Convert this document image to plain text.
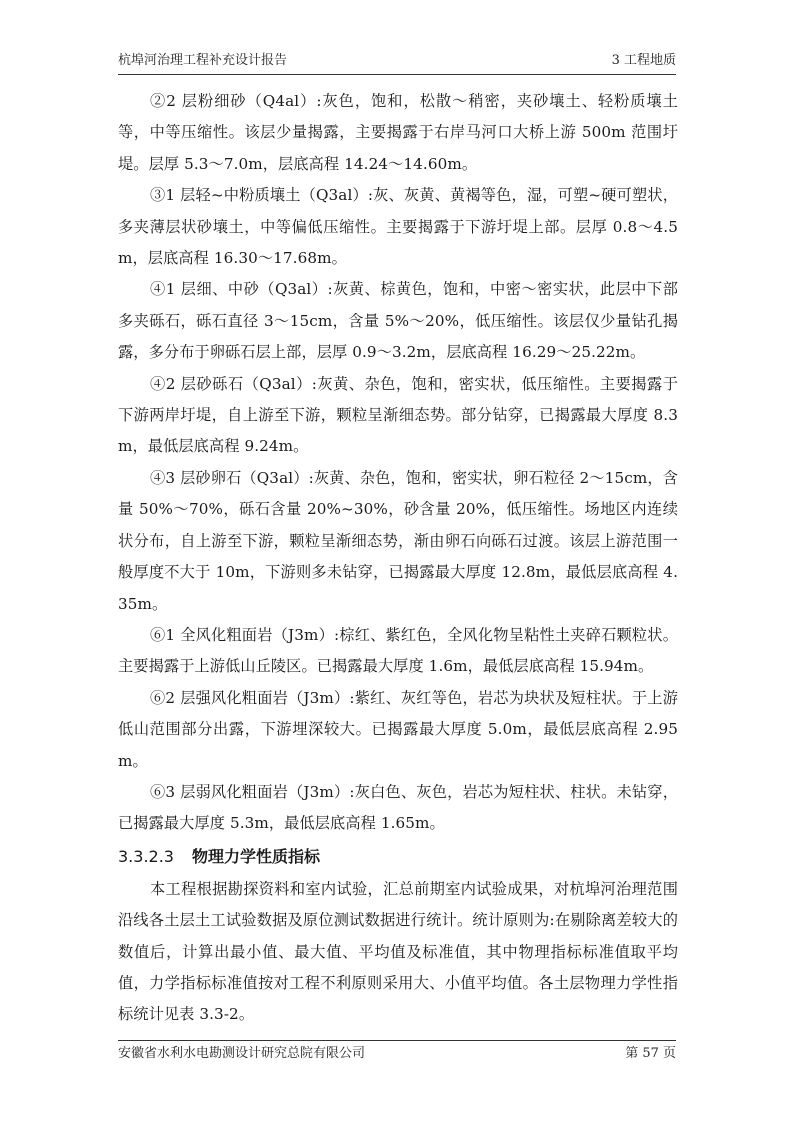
杭埠河治理工程补充设计报告	3 工程地质

②2 层粉细砂（Q4al）:灰色，饱和，松散～稍密，夹砂壤土、轻粉质壤土等，中等压缩性。该层少量揭露，主要揭露于右岸马河口大桥上游 500m 范围圩堤。层厚 5.3～7.0m，层底高程 14.24～14.60m。

③1 层轻~中粉质壤土（Q3al）:灰、灰黄、黄褐等色，湿，可塑~硬可塑状，多夹薄层状砂壤土，中等偏低压缩性。主要揭露于下游圩堤上部。层厚 0.8～4.5m，层底高程 16.30～17.68m。

④1 层细、中砂（Q3al）:灰黄、棕黄色，饱和，中密～密实状，此层中下部多夹砾石，砾石直径 3～15cm，含量 5%～20%，低压缩性。该层仅少量钻孔揭露，多分布于卵砾石层上部，层厚 0.9～3.2m，层底高程 16.29～25.22m。

④2 层砂砾石（Q3al）:灰黄、杂色，饱和，密实状，低压缩性。主要揭露于下游两岸圩堤，自上游至下游，颗粒呈渐细态势。部分钻穿，已揭露最大厚度 8.3m，最低层底高程 9.24m。

④3 层砂卵石（Q3al）:灰黄、杂色，饱和，密实状，卵石粒径 2～15cm，含量 50%～70%，砾石含量 20%~30%，砂含量 20%，低压缩性。场地区内连续状分布，自上游至下游，颗粒呈渐细态势，渐由卵石向砾石过渡。该层上游范围一般厚度不大于 10m，下游则多未钻穿，已揭露最大厚度 12.8m，最低层底高程 4.35m。

⑥1 全风化粗面岩（J3m）:棕红、紫红色，全风化物呈粘性土夹碎石颗粒状。主要揭露于上游低山丘陵区。已揭露最大厚度 1.6m，最低层底高程 15.94m。

⑥2 层强风化粗面岩（J3m）:紫红、灰红等色，岩芯为块状及短柱状。于上游低山范围部分出露，下游埋深较大。已揭露最大厚度 5.0m，最低层底高程 2.95m。

⑥3 层弱风化粗面岩（J3m）:灰白色、灰色，岩芯为短柱状、柱状。未钻穿，已揭露最大厚度 5.3m，最低层底高程 1.65m。

3.3.2.3 物理力学性质指标

本工程根据勘探资料和室内试验，汇总前期室内试验成果，对杭埠河治理范围沿线各土层土工试验数据及原位测试数据进行统计。统计原则为:在剔除离差较大的数值后，计算出最小值、最大值、平均值及标准值，其中物理指标标准值取平均值，力学指标标准值按对工程不利原则采用大、小值平均值。各土层物理力学性指标统计见表 3.3-2。

安徽省水利水电勘测设计研究总院有限公司	第 57 页
